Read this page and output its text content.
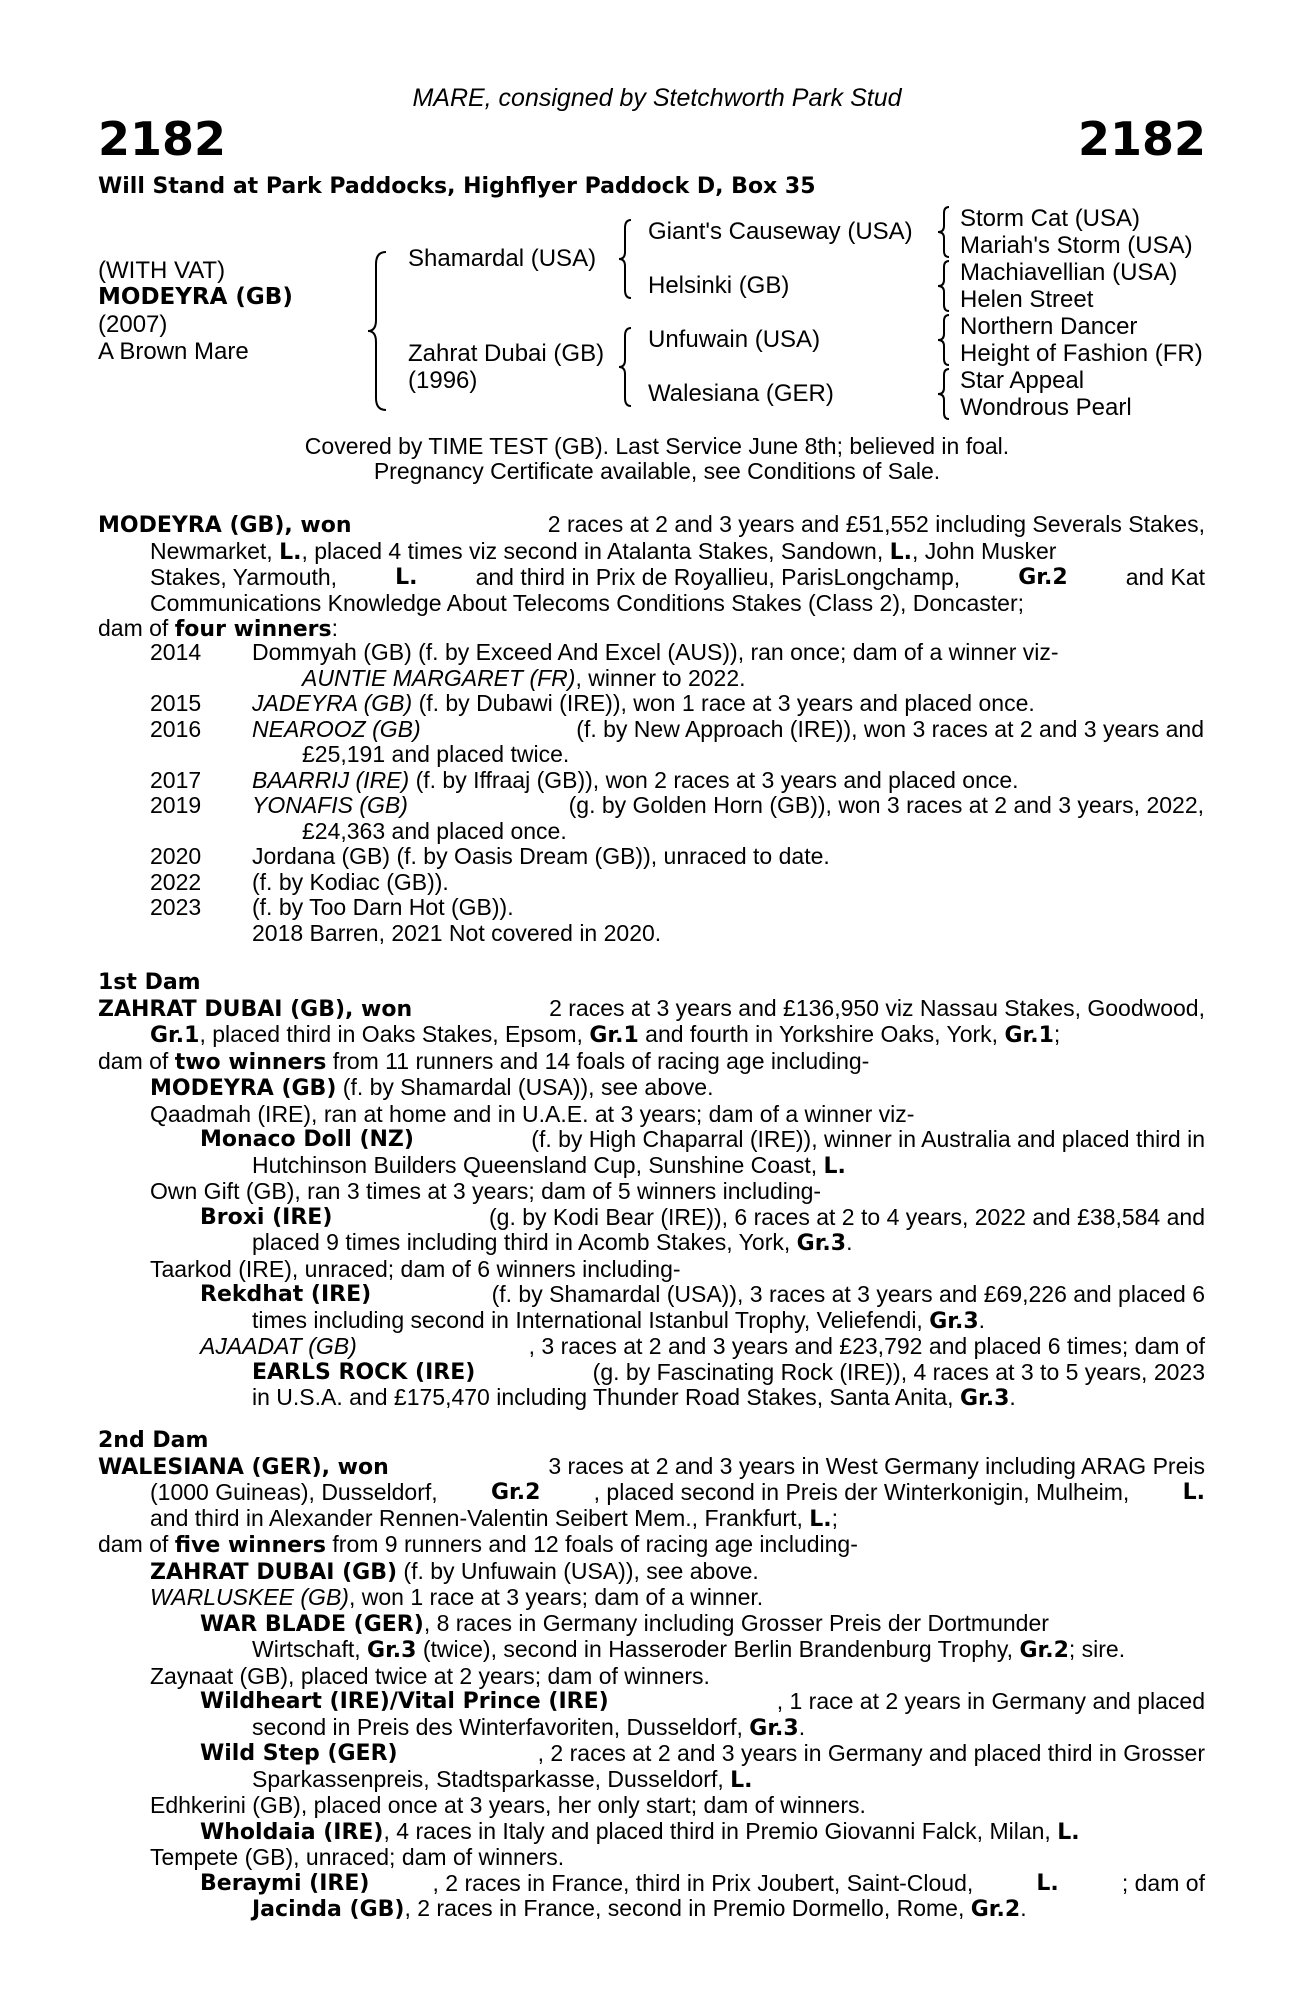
MARE, consigned by Stetchworth Park Stud
2182	2182
Will Stand at Park Paddocks, Highflyer Paddock D, Box 35
(WITH VAT)
MODEYRA (GB)
(2007)
A Brown Mare
Shamardal (USA)
Zahrat Dubai (GB)
(1996)
Giant's Causeway (USA)
Helsinki (GB)
Unfuwain (USA)
Walesiana (GER)
Storm Cat (USA)
Mariah's Storm (USA)
Machiavellian (USA)
Helen Street
Northern Dancer
Height of Fashion (FR)
Star Appeal
Wondrous Pearl
Covered by TIME TEST (GB). Last Service June 8th; believed in foal.
Pregnancy Certificate available, see Conditions of Sale.
MODEYRA (GB), won	2 races at 2 and 3 years and £51,552 including Severals Stakes,
Newmarket, L., placed 4 times viz second in Atalanta Stakes, Sandown, L., John Musker
Stakes, Yarmouth,	L.	and third in Prix de Royallieu, ParisLongchamp,	Gr.2	and Kat
Communications Knowledge About Telecoms Conditions Stakes (Class 2), Doncaster;
dam of four winners:
2014 Dommyah (GB) (f. by Exceed And Excel (AUS)), ran once; dam of a winner viz-
AUNTIE MARGARET (FR), winner to 2022.
2015 JADEYRA (GB) (f. by Dubawi (IRE)), won 1 race at 3 years and placed once.
2016 NEAROOZ (GB)	(f. by New Approach (IRE)), won 3 races at 2 and 3 years and
£25,191 and placed twice.
2017 BAARRIJ (IRE) (f. by Iffraaj (GB)), won 2 races at 3 years and placed once.
2019 YONAFIS (GB)	(g. by Golden Horn (GB)), won 3 races at 2 and 3 years, 2022,
£24,363 and placed once.
2020 Jordana (GB) (f. by Oasis Dream (GB)), unraced to date.
2022 (f. by Kodiac (GB)).
2023 (f. by Too Darn Hot (GB)).
2018 Barren, 2021 Not covered in 2020.
1st Dam
ZAHRAT DUBAI (GB), won	2 races at 3 years and £136,950 viz Nassau Stakes, Goodwood,
Gr.1, placed third in Oaks Stakes, Epsom, Gr.1 and fourth in Yorkshire Oaks, York, Gr.1;
dam of two winners from 11 runners and 14 foals of racing age including-
MODEYRA (GB) (f. by Shamardal (USA)), see above.
Qaadmah (IRE), ran at home and in U.A.E. at 3 years; dam of a winner viz-
Monaco Doll (NZ)	(f. by High Chaparral (IRE)), winner in Australia and placed third in
Hutchinson Builders Queensland Cup, Sunshine Coast, L.
Own Gift (GB), ran 3 times at 3 years; dam of 5 winners including-
Broxi (IRE)	(g. by Kodi Bear (IRE)), 6 races at 2 to 4 years, 2022 and £38,584 and
placed 9 times including third in Acomb Stakes, York, Gr.3.
Taarkod (IRE), unraced; dam of 6 winners including-
Rekdhat (IRE)	(f. by Shamardal (USA)), 3 races at 3 years and £69,226 and placed 6
times including second in International Istanbul Trophy, Veliefendi, Gr.3.
AJAADAT (GB)	, 3 races at 2 and 3 years and £23,792 and placed 6 times; dam of
EARLS ROCK (IRE)	(g. by Fascinating Rock (IRE)), 4 races at 3 to 5 years, 2023
in U.S.A. and £175,470 including Thunder Road Stakes, Santa Anita, Gr.3.
2nd Dam
WALESIANA (GER), won	3 races at 2 and 3 years in West Germany including ARAG Preis
(1000 Guineas), Dusseldorf, Gr.2 , placed second in Preis der Winterkonigin, Mulheim, L.
and third in Alexander Rennen-Valentin Seibert Mem., Frankfurt, L.;
dam of five winners from 9 runners and 12 foals of racing age including-
ZAHRAT DUBAI (GB) (f. by Unfuwain (USA)), see above.
WARLUSKEE (GB), won 1 race at 3 years; dam of a winner.
WAR BLADE (GER), 8 races in Germany including Grosser Preis der Dortmunder
Wirtschaft, Gr.3 (twice), second in Hasseroder Berlin Brandenburg Trophy, Gr.2; sire.
Zaynaat (GB), placed twice at 2 years; dam of winners.
Wildheart (IRE)/Vital Prince (IRE)	, 1 race at 2 years in Germany and placed
second in Preis des Winterfavoriten, Dusseldorf, Gr.3.
Wild Step (GER)	, 2 races at 2 and 3 years in Germany and placed third in Grosser
Sparkassenpreis, Stadtsparkasse, Dusseldorf, L.
Edhkerini (GB), placed once at 3 years, her only start; dam of winners.
Wholdaia (IRE), 4 races in Italy and placed third in Premio Giovanni Falck, Milan, L.
Tempete (GB), unraced; dam of winners.
Beraymi (IRE)	, 2 races in France, third in Prix Joubert, Saint-Cloud,	L.	; dam of
Jacinda (GB), 2 races in France, second in Premio Dormello, Rome, Gr.2.
